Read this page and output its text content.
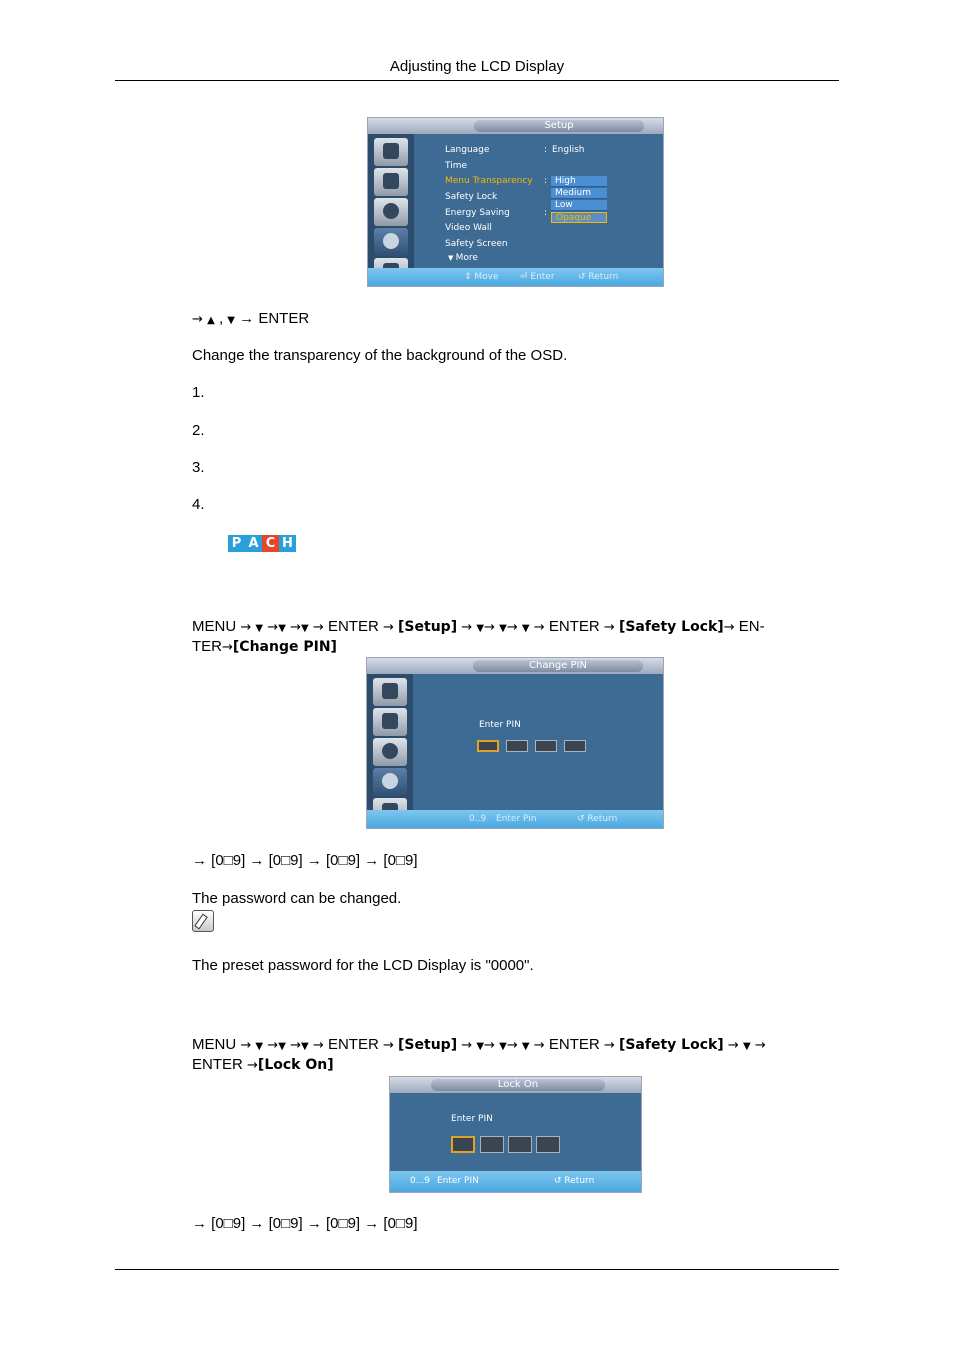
Adjusting the LCD Display
Setup
Language	: English
Time
Menu Transparency :
Safety Lock
Energy Saving	:
Video Wall
Safety Screen
▼ More
High
Medium
Low
Opaque
⇕ Move ⏎ Enter	↺ Return
→ ▲ , ▼ → ENTER
Change the transparency of the background of the OSD.
1.
2.
3.
4.
P A C H
MENU → ▼ →▼ →▼ → ENTER → [Setup] → ▼→ ▼→ ▼ → ENTER → [Safety Lock]→ EN-
TER→[Change PIN]
Change PIN
Enter PIN
0..9 Enter Pin	↺ Return
→ [0□9] → [0□9] → [0□9] → [0□9]
The password can be changed.
The preset password for the LCD Display is "0000".
MENU → ▼ →▼ →▼ → ENTER → [Setup] → ▼→ ▼→ ▼ → ENTER → [Safety Lock] → ▼ →
ENTER →[Lock On]
Lock On
Enter PIN
0...9 Enter PIN	↺ Return
→ [0□9] → [0□9] → [0□9] → [0□9]
